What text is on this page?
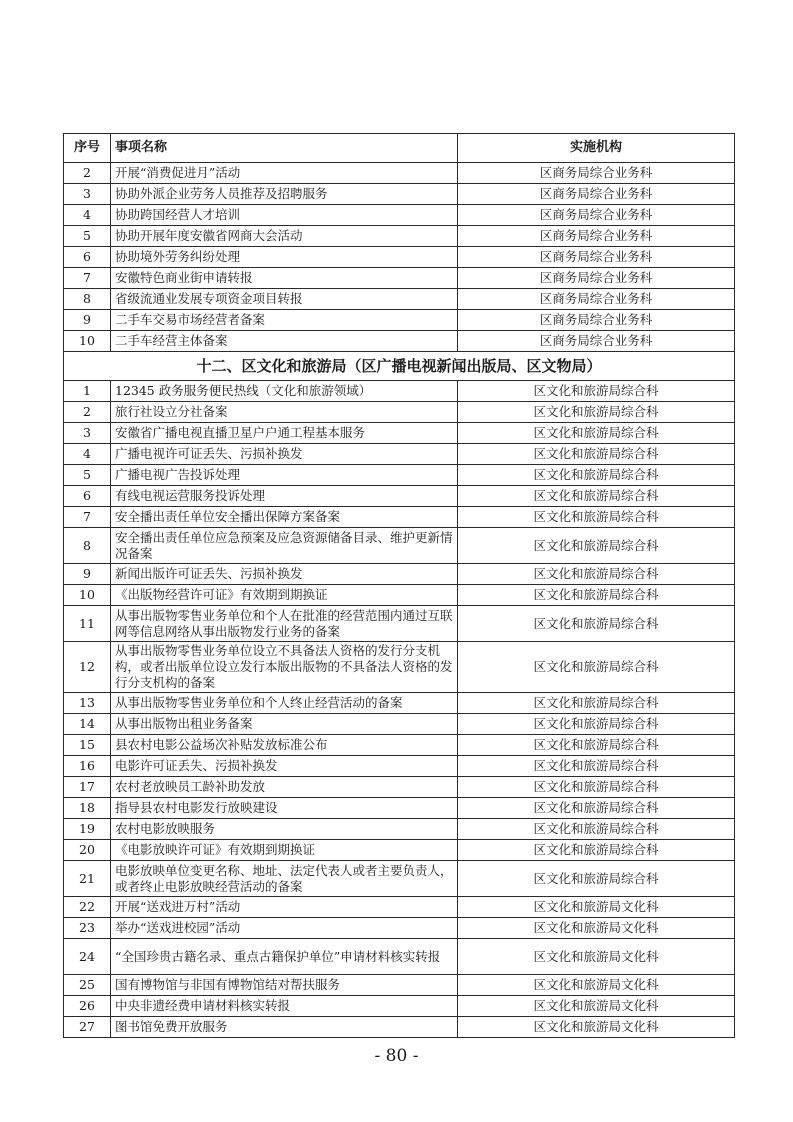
序号	事项名称	实施机构
2	开展“消费促进月”活动	区商务局综合业务科
3	协助外派企业劳务人员推荐及招聘服务	区商务局综合业务科
4	协助跨国经营人才培训	区商务局综合业务科
5	协助开展年度安徽省网商大会活动	区商务局综合业务科
6	协助境外劳务纠纷处理	区商务局综合业务科
7	安徽特色商业街申请转报	区商务局综合业务科
8	省级流通业发展专项资金项目转报	区商务局综合业务科
9	二手车交易市场经营者备案	区商务局综合业务科
10	二手车经营主体备案	区商务局综合业务科
十二、区文化和旅游局（区广播电视新闻出版局、区文物局）		
1	12345 政务服务便民热线（文化和旅游领域）	区文化和旅游局综合科
2	旅行社设立分社备案	区文化和旅游局综合科
3	安徽省广播电视直播卫星户户通工程基本服务	区文化和旅游局综合科
4	广播电视许可证丢失、污损补换发	区文化和旅游局综合科
5	广播电视广告投诉处理	区文化和旅游局综合科
6	有线电视运营服务投诉处理	区文化和旅游局综合科
7	安全播出责任单位安全播出保障方案备案	区文化和旅游局综合科
8	安全播出责任单位应急预案及应急资源储备目录、维护更新情况备案	区文化和旅游局综合科
9	新闻出版许可证丢失、污损补换发	区文化和旅游局综合科
10	《出版物经营许可证》有效期到期换证	区文化和旅游局综合科
11	从事出版物零售业务单位和个人在批准的经营范围内通过互联网等信息网络从事出版物发行业务的备案	区文化和旅游局综合科
12	从事出版物零售业务单位设立不具备法人资格的发行分支机构，或者出版单位设立发行本版出版物的不具备法人资格的发行分支机构的备案	区文化和旅游局综合科
13	从事出版物零售业务单位和个人终止经营活动的备案	区文化和旅游局综合科
14	从事出版物出租业务备案	区文化和旅游局综合科
15	县农村电影公益场次补贴发放标准公布	区文化和旅游局综合科
16	电影许可证丢失、污损补换发	区文化和旅游局综合科
17	农村老放映员工龄补助发放	区文化和旅游局综合科
18	指导县农村电影发行放映建设	区文化和旅游局综合科
19	农村电影放映服务	区文化和旅游局综合科
20	《电影放映许可证》有效期到期换证	区文化和旅游局综合科
21	电影放映单位变更名称、地址、法定代表人或者主要负责人，或者终止电影放映经营活动的备案	区文化和旅游局综合科
22	开展“送戏进万村”活动	区文化和旅游局文化科
23	举办“送戏进校园”活动	区文化和旅游局文化科
24	“全国珍贵古籍名录、重点古籍保护单位”申请材料核实转报	区文化和旅游局文化科
25	国有博物馆与非国有博物馆结对帮扶服务	区文化和旅游局文化科
26	中央非遗经费申请材料核实转报	区文化和旅游局文化科
27	图书馆免费开放服务	区文化和旅游局文化科
- 80 -
